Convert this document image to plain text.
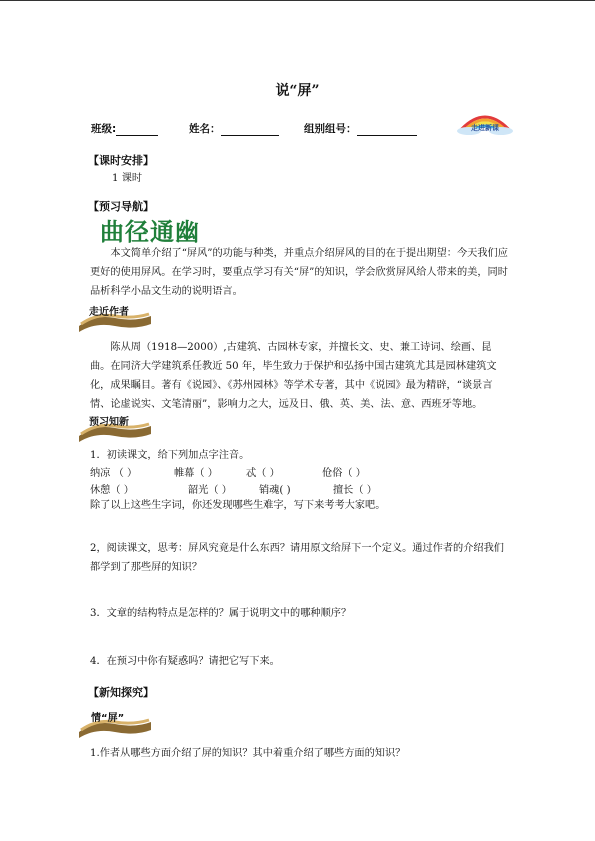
说“屏”
班级:	姓名：	组别组号：	走进新课
【课时安排】
1 课时
【预习导航】
曲径通幽
本文简单介绍了“屏风”的功能与种类，并重点介绍屏风的目的在于提出期望：今天我们应更好的使用屏风。在学习时，要重点学习有关“屏”的知识，学会欣赏屏风给人带来的美，同时品析科学小品文生动的说明语言。
走近作者
陈从周（1918—2000）,古建筑、古园林专家，并擅长文、史、兼工诗词、绘画、昆曲。在同济大学建筑系任教近 50 年，毕生致力于保护和弘扬中国古建筑尤其是园林建筑文化，成果瞩目。著有《说园》、《苏州园林》等学术专著，其中《说园》最为精辟，“谈景言情、论虚说实、文笔清丽”，影响力之大，远及日、俄、英、美、法、意、西班牙等地。
预习知新
1．初读课文，给下列加点字注音。
纳凉 （ ）	帷幕（ ）	忒（ ）	伧俗（ ）
休憩（ ）	韶光（ ）	销魂( )	擅长（ ）
除了以上这些生字词，你还发现哪些生难字，写下来考考大家吧。
2，阅读课文，思考：屏风究竟是什么东西？请用原文给屏下一个定义。通过作者的介绍我们都学到了那些屏的知识？
3．文章的结构特点是怎样的？属于说明文中的哪种顺序？
4．在预习中你有疑惑吗？请把它写下来。
【新知探究】
情“屏”
1.作者从哪些方面介绍了屏的知识？其中着重介绍了哪些方面的知识？
